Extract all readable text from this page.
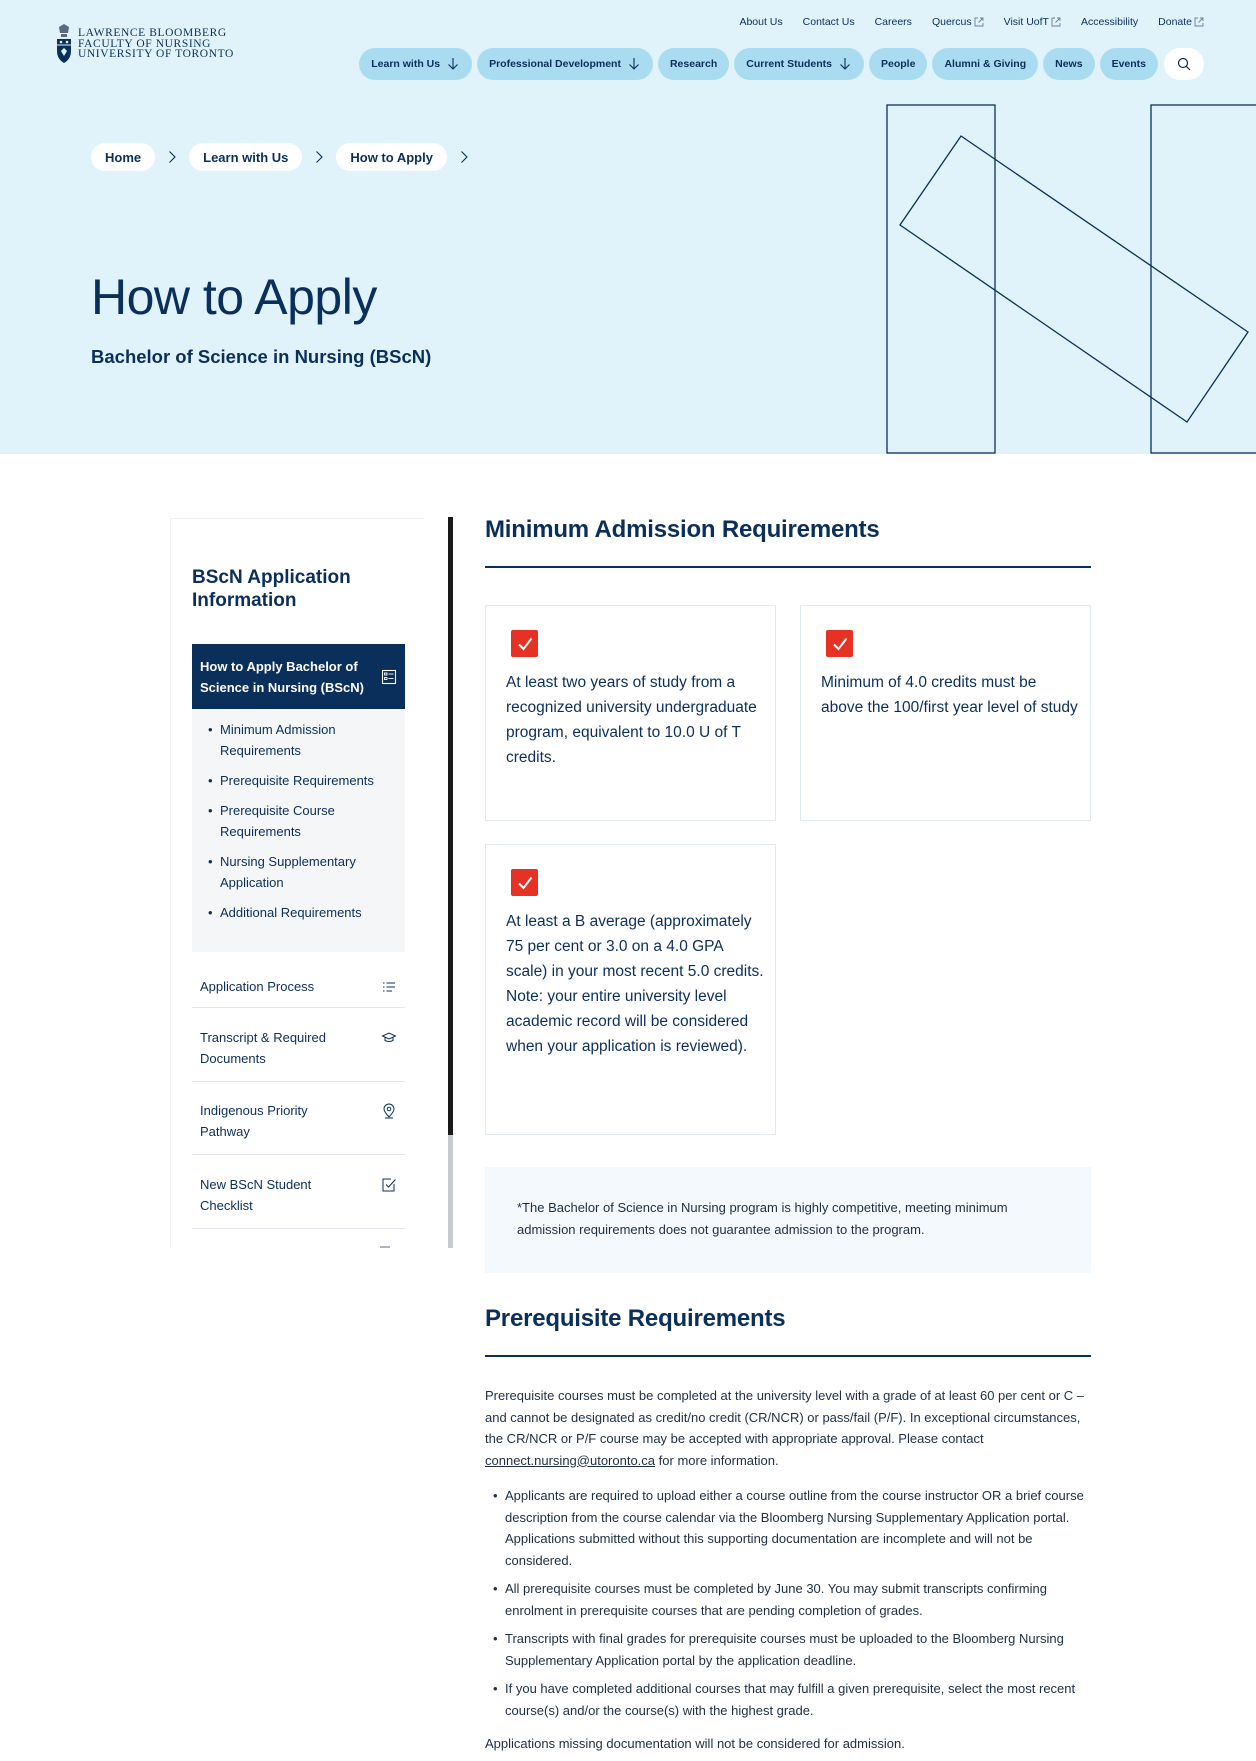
LAWRENCE BLOOMBERG
FACULTY OF NURSING
UNIVERSITY OF TORONTO
About Us Contact Us Careers Quercus	Visit UofT	Accessibility Donate
Learn with Us	Professional Development	Research	Current Students	People	Alumni & Giving	News	Events
Home	Learn with Us	How to Apply
How to Apply
Bachelor of Science in Nursing (BScN)
BScN Application Information
How to Apply Bachelor of Science in Nursing (BScN)
• Minimum Admission Requirements
• Prerequisite Requirements
• Prerequisite Course Requirements
• Nursing Supplementary Application
• Additional Requirements
Application Process
Transcript & Required Documents
Indigenous Priority Pathway
New BScN Student Checklist
Minimum Admission Requirements

At least two years of study from a recognized university undergraduate program, equivalent to 10.0 U of T credits.

Minimum of 4.0 credits must be above the 100/first year level of study

At least a B average (approximately 75 per cent or 3.0 on a 4.0 GPA scale) in your most recent 5.0 credits. Note: your entire university level academic record will be considered when your application is reviewed).

*The Bachelor of Science in Nursing program is highly competitive, meeting minimum admission requirements does not guarantee admission to the program.
Prerequisite Requirements

Prerequisite courses must be completed at the university level with a grade of at least 60 per cent or C – and cannot be designated as credit/no credit (CR/NCR) or pass/fail (P/F). In exceptional circumstances, the CR/NCR or P/F course may be accepted with appropriate approval. Please contact connect.nursing@utoronto.ca for more information.

• Applicants are required to upload either a course outline from the course instructor OR a brief course description from the course calendar via the Bloomberg Nursing Supplementary Application portal. Applications submitted without this supporting documentation are incomplete and will not be considered.
• All prerequisite courses must be completed by June 30. You may submit transcripts confirming enrolment in prerequisite courses that are pending completion of grades.
• Transcripts with final grades for prerequisite courses must be uploaded to the Bloomberg Nursing Supplementary Application portal by the application deadline.
• If you have completed additional courses that may fulfill a given prerequisite, select the most recent course(s) and/or the course(s) with the highest grade.

Applications missing documentation will not be considered for admission.
